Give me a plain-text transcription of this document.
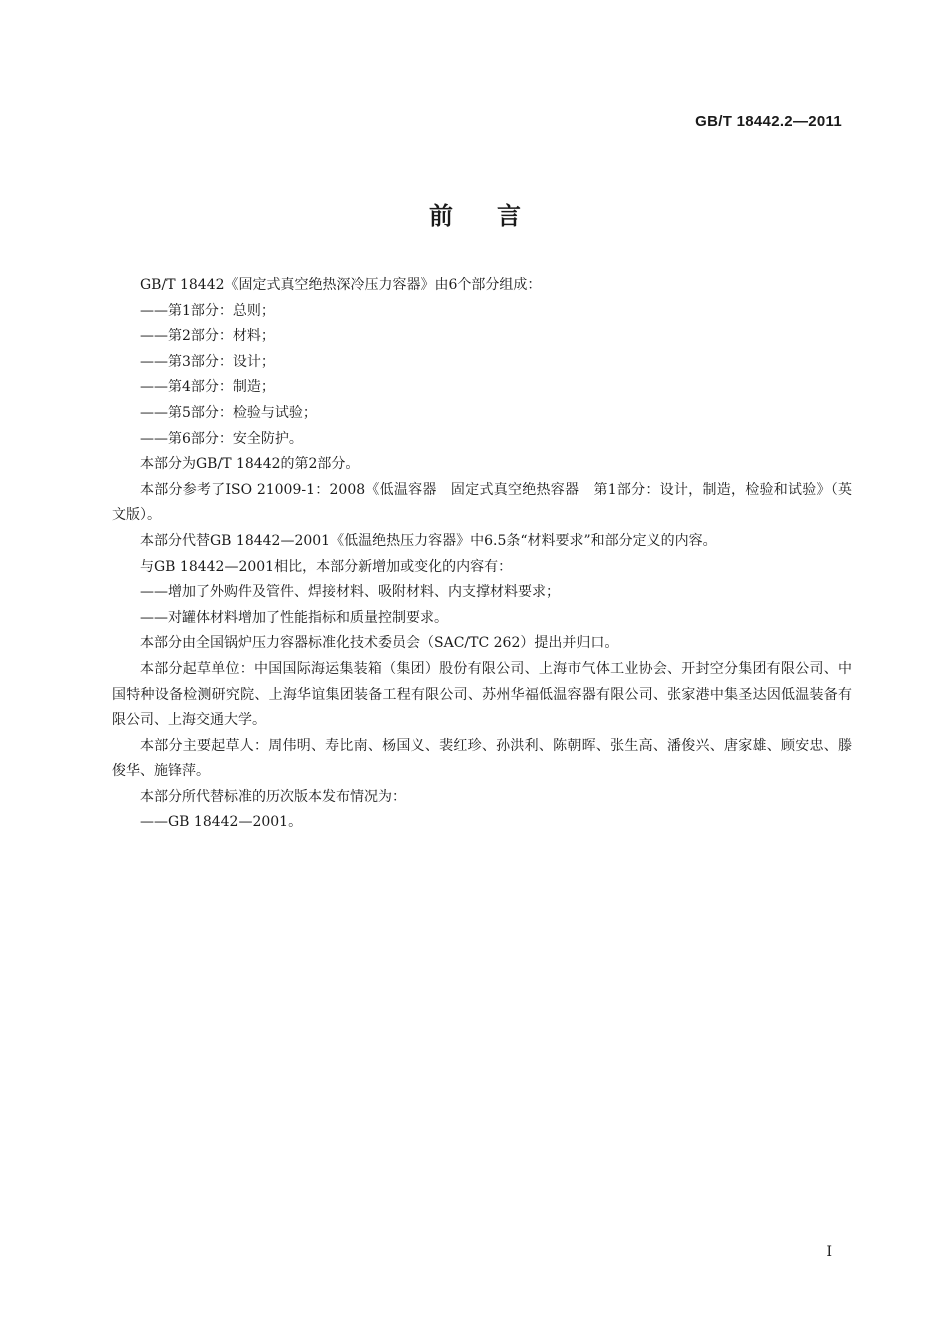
GB/T 18442.2—2011
前言

GB/T 18442《固定式真空绝热深冷压力容器》由6个部分组成：

——第1部分：总则；

——第2部分：材料；

——第3部分：设计；

——第4部分：制造；

——第5部分：检验与试验；

——第6部分：安全防护。

本部分为GB/T 18442的第2部分。

本部分参考了ISO 21009-1：2008《低温容器　固定式真空绝热容器　第1部分：设计，制造，检验和试验》（英文版）。

本部分代替GB 18442—2001《低温绝热压力容器》中6.5条“材料要求”和部分定义的内容。

与GB 18442—2001相比，本部分新增加或变化的内容有：

——增加了外购件及管件、焊接材料、吸附材料、内支撑材料要求；

——对罐体材料增加了性能指标和质量控制要求。

本部分由全国锅炉压力容器标准化技术委员会（SAC/TC 262）提出并归口。

本部分起草单位：中国国际海运集装箱（集团）股份有限公司、上海市气体工业协会、开封空分集团有限公司、中国特种设备检测研究院、上海华谊集团装备工程有限公司、苏州华福低温容器有限公司、张家港中集圣达因低温装备有限公司、上海交通大学。

本部分主要起草人：周伟明、寿比南、杨国义、裴红珍、孙洪利、陈朝晖、张生高、潘俊兴、唐家雄、顾安忠、滕俊华、施锋萍。

本部分所代替标准的历次版本发布情况为：

——GB 18442—2001。

I
